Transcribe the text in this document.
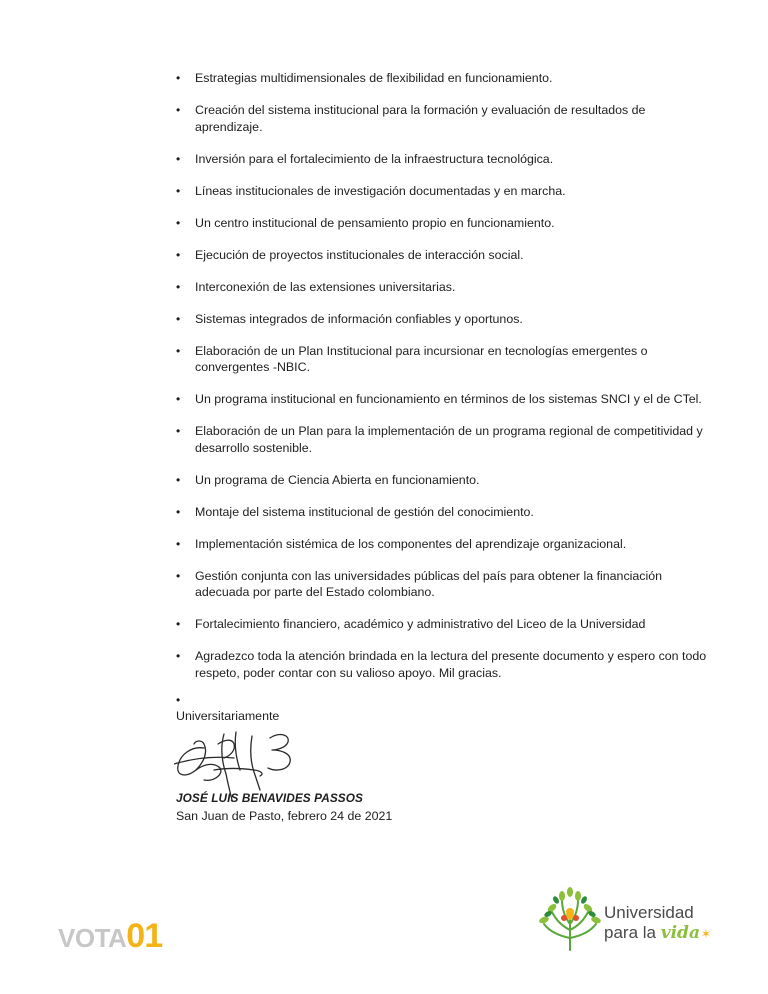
• Estrategias multidimensionales de flexibilidad en funcionamiento.
• Creación del sistema institucional para la formación y evaluación de resultados de aprendizaje.
• Inversión para el fortalecimiento de la infraestructura tecnológica.
• Líneas institucionales de investigación documentadas y en marcha.
• Un centro institucional de pensamiento propio en funcionamiento.
• Ejecución de proyectos institucionales de interacción social.
• Interconexión de las extensiones universitarias.
• Sistemas integrados de información confiables y oportunos.
• Elaboración de un Plan Institucional para incursionar en tecnologías emergentes o convergentes -NBIC.
• Un programa institucional en funcionamiento en términos de los sistemas SNCI y el de CTel.
• Elaboración de un Plan para la implementación de un programa regional de competitividad y desarrollo sostenible.
• Un programa de Ciencia Abierta en funcionamiento.
• Montaje del sistema institucional de gestión del conocimiento.
• Implementación sistémica de los componentes del aprendizaje organizacional.
• Gestión conjunta con las universidades públicas del país para obtener la financiación adecuada por parte del Estado colombiano.
• Fortalecimiento financiero, académico y administrativo del Liceo de la Universidad
• Agradezco toda la atención brindada en la lectura del presente documento y espero con todo respeto, poder contar con su valioso apoyo. Mil gracias.
•
Universitariamente
JOSÉ LUIS BENAVIDES PASSOS
San Juan de Pasto, febrero 24 de 2021
VOTA01
Universidad
para la vida✶
